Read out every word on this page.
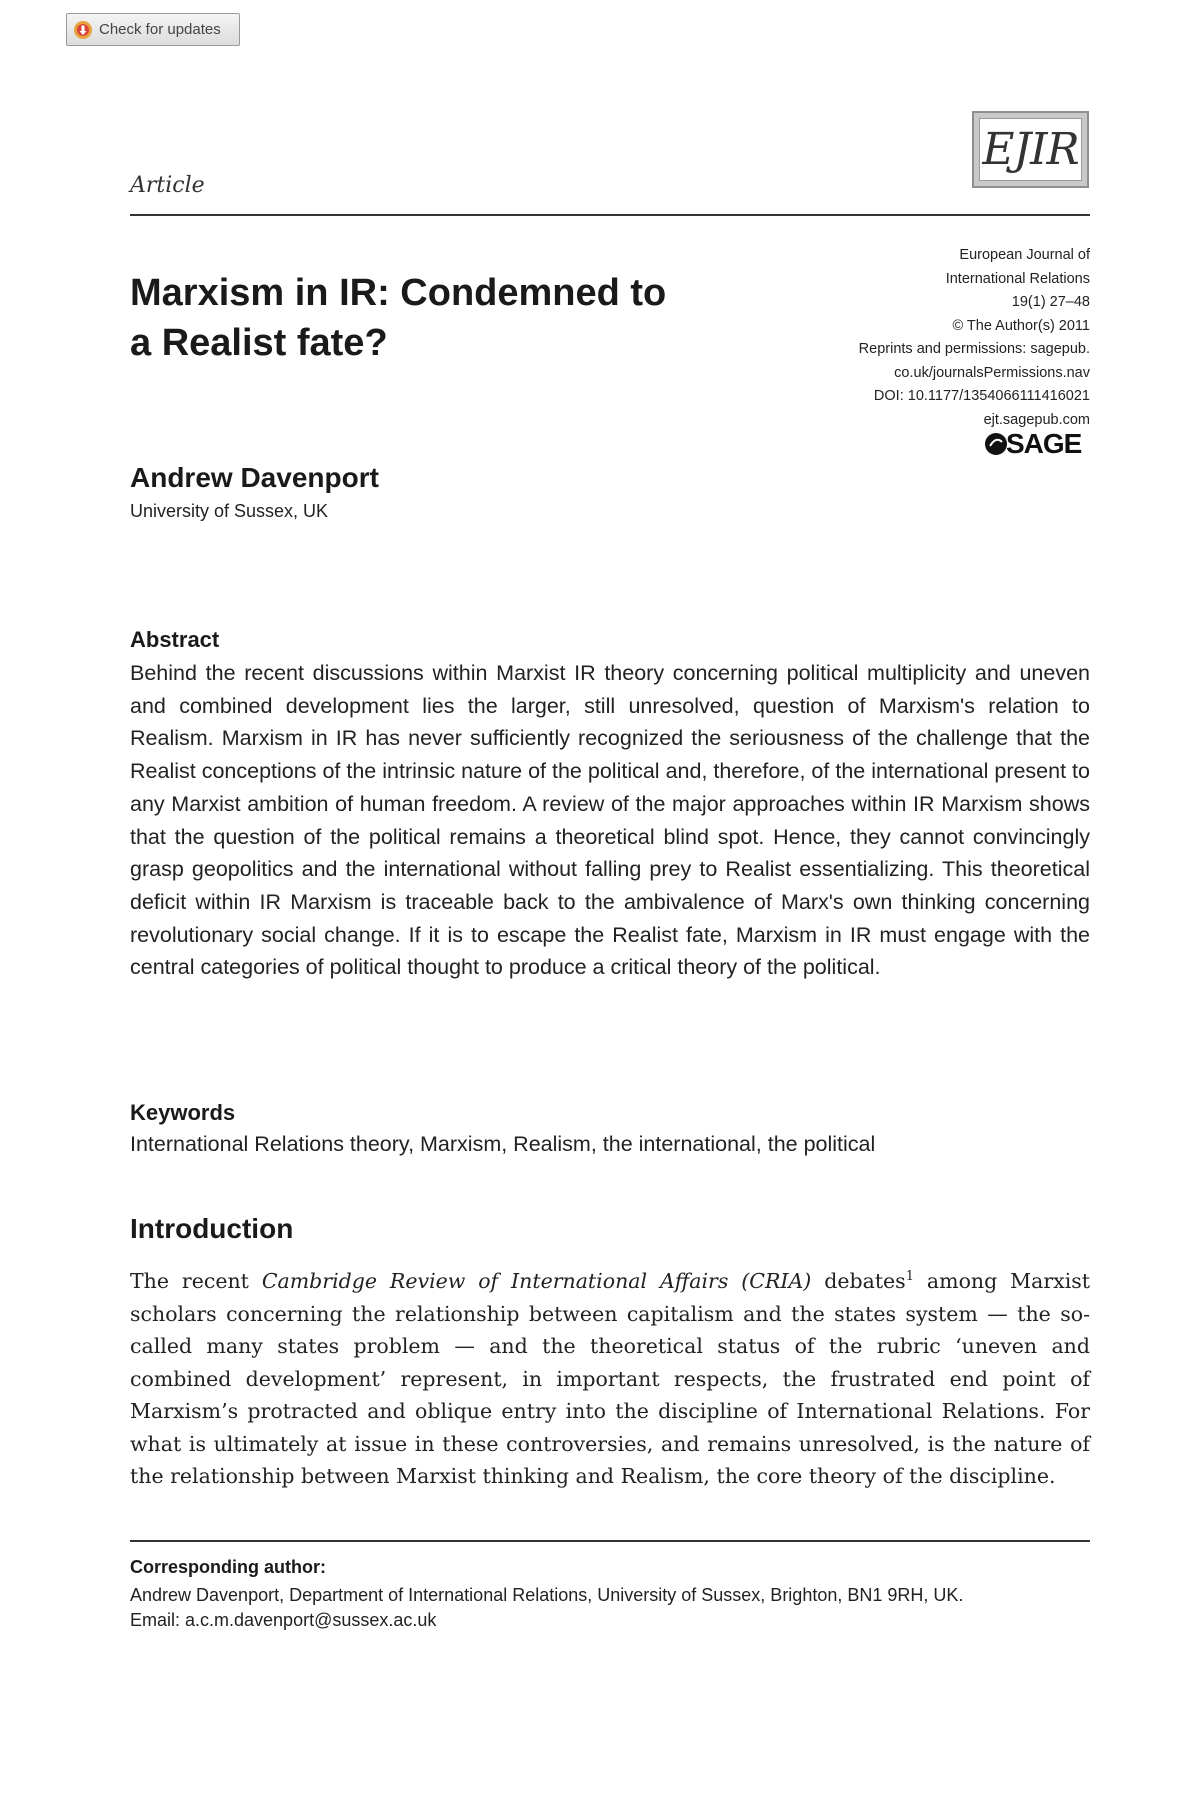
Check for updates
EJIR
Article
Marxism in IR: Condemned to
a Realist fate?
European Journal of
International Relations
19(1) 27–48
© The Author(s) 2011
Reprints and permissions: sagepub.
co.uk/journalsPermissions.nav
DOI: 10.1177/1354066111416021
ejt.sagepub.com
SAGE
Andrew Davenport
University of Sussex, UK
Abstract

Behind the recent discussions within Marxist IR theory concerning political multiplicity and uneven and combined development lies the larger, still unresolved, question of Marxism's relation to Realism. Marxism in IR has never sufficiently recognized the seriousness of the challenge that the Realist conceptions of the intrinsic nature of the political and, therefore, of the international present to any Marxist ambition of human freedom. A review of the major approaches within IR Marxism shows that the question of the political remains a theoretical blind spot. Hence, they cannot convincingly grasp geopolitics and the international without falling prey to Realist essentializing. This theoretical deficit within IR Marxism is traceable back to the ambivalence of Marx's own thinking concerning revolutionary social change. If it is to escape the Realist fate, Marxism in IR must engage with the central categories of political thought to produce a critical theory of the political.

Keywords
International Relations theory, Marxism, Realism, the international, the political
Introduction

The recent Cambridge Review of International Affairs (CRIA) debates$^1$ among Marxist scholars concerning the relationship between capitalism and the states system — the so-called many states problem — and the theoretical status of the rubric ‘uneven and combined development’ represent, in important respects, the frustrated end point of Marxism’s protracted and oblique entry into the discipline of International Relations. For what is ultimately at issue in these controversies, and remains unresolved, is the nature of the relationship between Marxist thinking and Realism, the core theory of the discipline.

Corresponding author:
Andrew Davenport, Department of International Relations, University of Sussex, Brighton, BN1 9RH, UK.
Email: a.c.m.davenport@sussex.ac.uk
